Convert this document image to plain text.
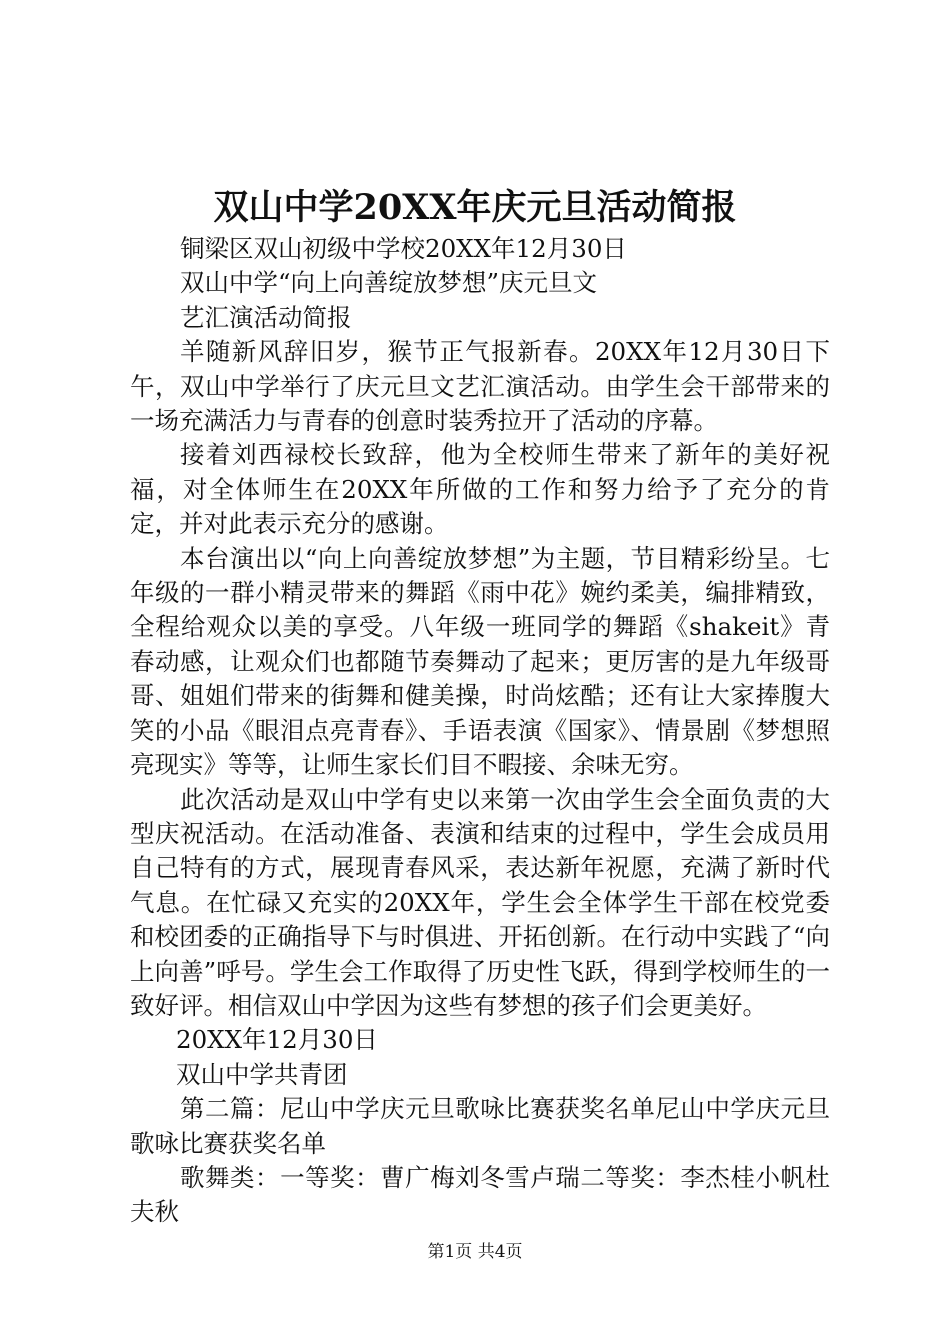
双山中学20XX年庆元旦活动简报
铜梁区双山初级中学校20XX年12月30日
双山中学“向上向善绽放梦想”庆元旦文
艺汇演活动简报

羊随新风辞旧岁，猴节正气报新春。20XX年12月30日下午，双山中学举行了庆元旦文艺汇演活动。由学生会干部带来的一场充满活力与青春的创意时装秀拉开了活动的序幕。

接着刘西禄校长致辞，他为全校师生带来了新年的美好祝福，对全体师生在20XX年所做的工作和努力给予了充分的肯定，并对此表示充分的感谢。

本台演出以“向上向善绽放梦想”为主题，节目精彩纷呈。七年级的一群小精灵带来的舞蹈《雨中花》婉约柔美，编排精致，全程给观众以美的享受。八年级一班同学的舞蹈《shakeit》青春动感，让观众们也都随节奏舞动了起来；更厉害的是九年级哥哥、姐姐们带来的街舞和健美操，时尚炫酷；还有让大家捧腹大笑的小品《眼泪点亮青春》、手语表演《国家》、情景剧《梦想照亮现实》等等，让师生家长们目不暇接、余味无穷。

此次活动是双山中学有史以来第一次由学生会全面负责的大型庆祝活动。在活动准备、表演和结束的过程中，学生会成员用自己特有的方式，展现青春风采，表达新年祝愿，充满了新时代气息。在忙碌又充实的20XX年，学生会全体学生干部在校党委和校团委的正确指导下与时俱进、开拓创新。在行动中实践了“向上向善”呼号。学生会工作取得了历史性飞跃，得到学校师生的一致好评。相信双山中学因为这些有梦想的孩子们会更美好。

20XX年12月30日
双山中学共青团

第二篇：尼山中学庆元旦歌咏比赛获奖名单尼山中学庆元旦歌咏比赛获奖名单

歌舞类：一等奖：曹广梅刘冬雪卢瑞二等奖：李杰桂小帆杜夫秋

第1页 共4页
